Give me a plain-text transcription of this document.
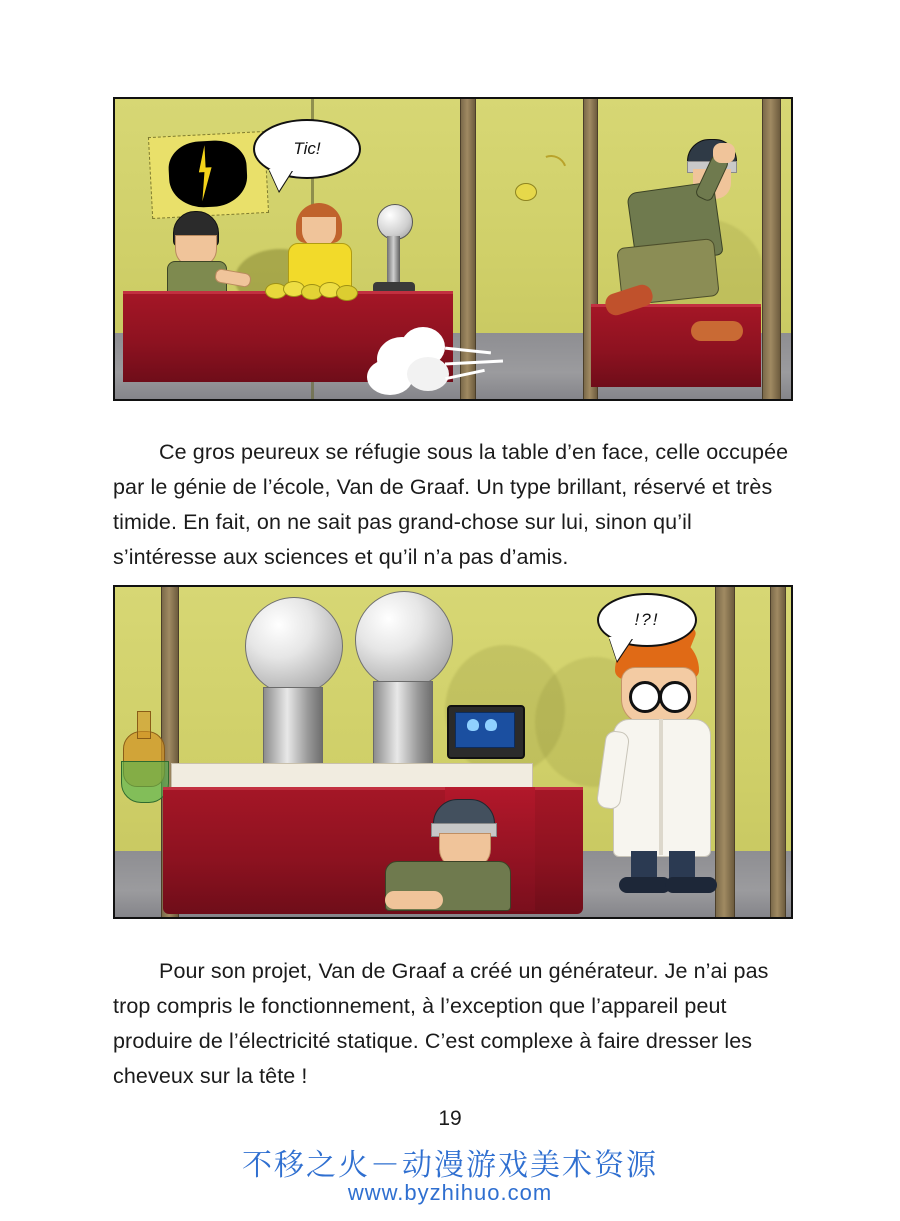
Tic!

Ce gros peureux se réfugie sous la table d’en face, celle occupée par le génie de l’école, Van de Graaf. Un type brillant, réservé et très timide. En fait, on ne sait pas grand-chose sur lui, sinon qu’il s’intéresse aux sciences et qu’il n’a pas d’amis.

!?!

Pour son projet, Van de Graaf a créé un générateur. Je n’ai pas trop compris le fonctionnement, à l’exception que l’appareil peut produire de l’électricité statique. C’est complexe à faire dresser les cheveux sur la tête !

19
不移之火－动漫游戏美术资源
www.byzhihuo.com
